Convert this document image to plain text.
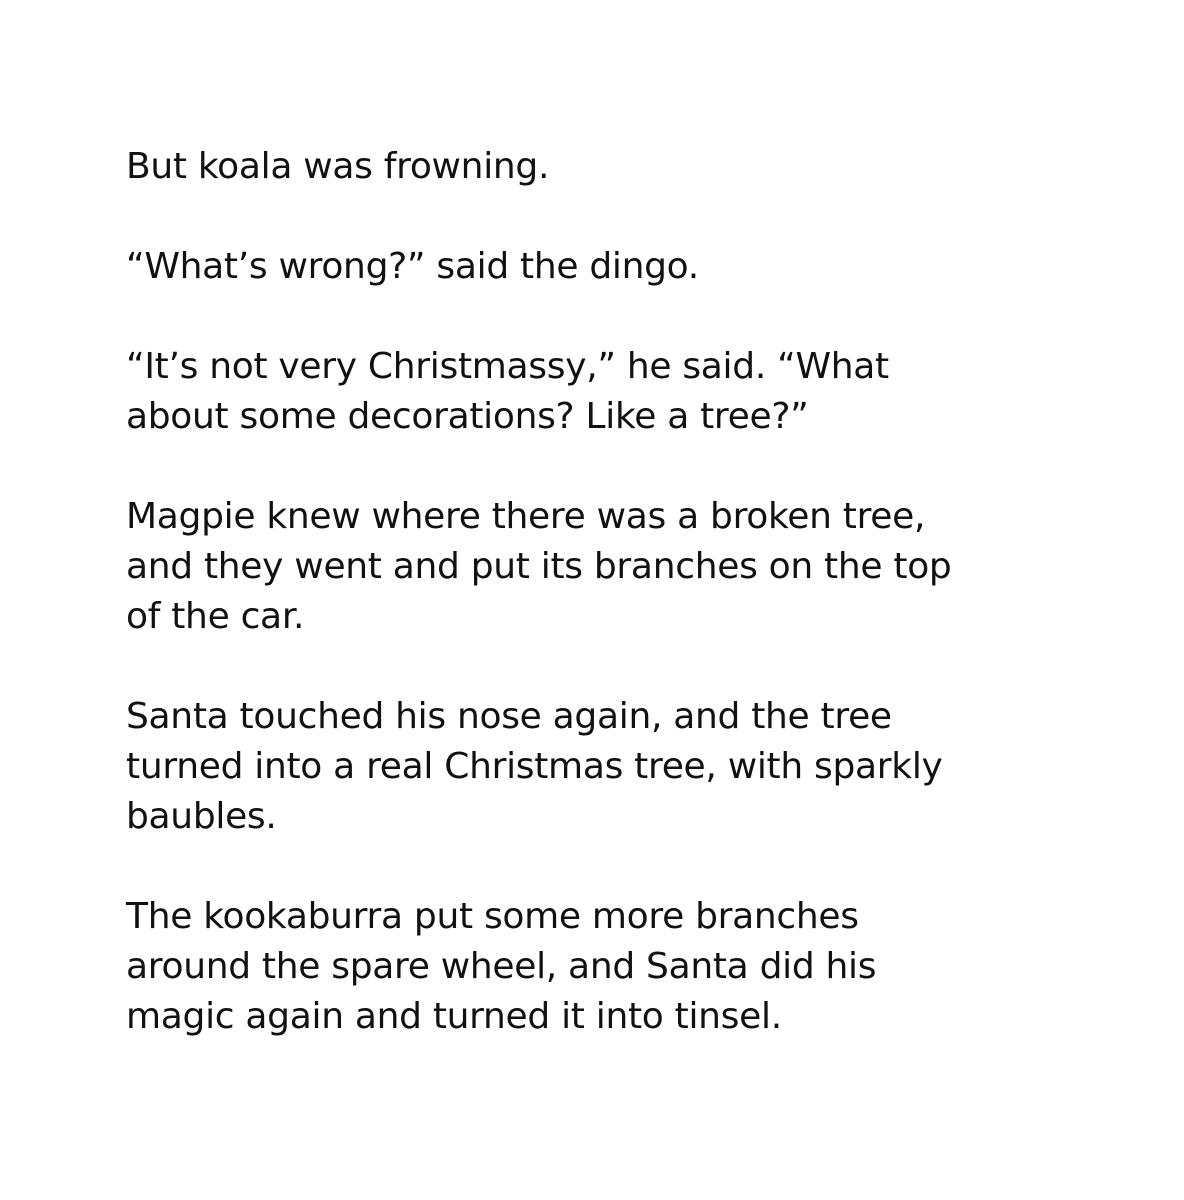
But koala was frowning.

“What’s wrong?” said the dingo.

“It’s not very Christmassy,” he said. “What
about some decorations? Like a tree?”

Magpie knew where there was a broken tree,
and they went and put its branches on the top
of the car.

Santa touched his nose again, and the tree
turned into a real Christmas tree, with sparkly
baubles.

The kookaburra put some more branches
around the spare wheel, and Santa did his
magic again and turned it into tinsel.
